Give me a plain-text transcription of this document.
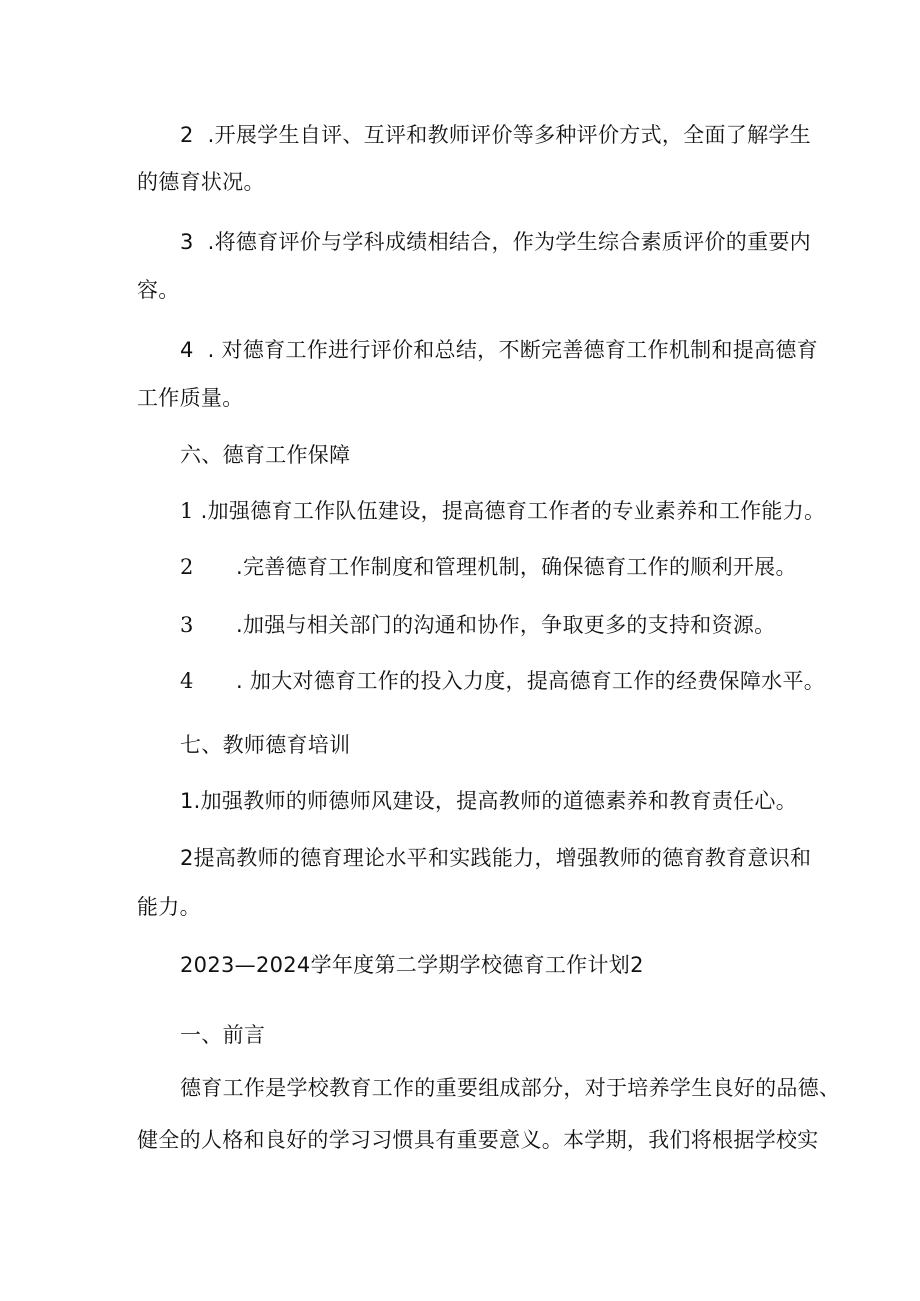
2  .开展学生自评、互评和教师评价等多种评价方式，全面了解学生

的德育状况。

3  .将德育评价与学科成绩相结合，作为学生综合素质评价的重要内

容。

4  . 对德育工作进行评价和总结，不断完善德育工作机制和提高德育

工作质量。

六、德育工作保障

1 .加强德育工作队伍建设，提高德育工作者的专业素养和工作能力。

2 .完善德育工作制度和管理机制，确保德育工作的顺利开展。

3 .加强与相关部门的沟通和协作，争取更多的支持和资源。

4 . 加大对德育工作的投入力度，提高德育工作的经费保障水平。

七、教师德育培训

1.加强教师的师德师风建设，提高教师的道德素养和教育责任心。

2提高教师的德育理论水平和实践能力，增强教师的德育教育意识和

能力。

2023—2024学年度第二学期学校德育工作计划2

一、前言

德育工作是学校教育工作的重要组成部分，对于培养学生良好的品德、

健全的人格和良好的学习习惯具有重要意义。本学期，我们将根据学校实
